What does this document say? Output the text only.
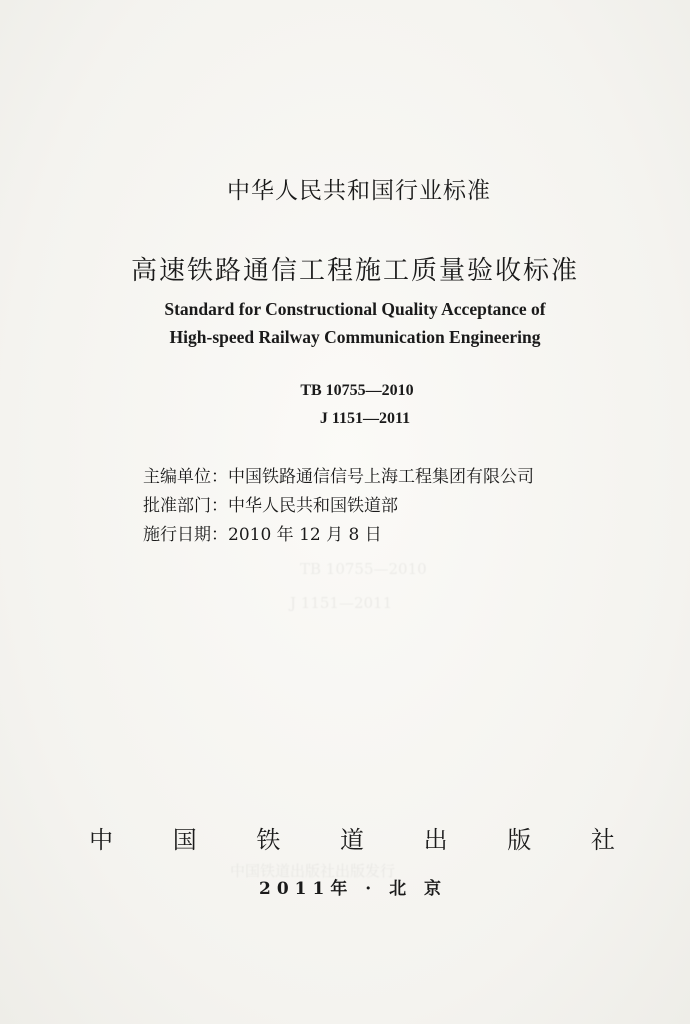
TB 10755—2010
J 1151—2011
中国铁道出版社出版发行
中华人民共和国行业标准
高速铁路通信工程施工质量验收标准
Standard for Constructional Quality Acceptance of
High-speed Railway Communication Engineering
TB 10755—2010
J 1151—2011
主编单位：中国铁路通信信号上海工程集团有限公司
批准部门：中华人民共和国铁道部
施行日期：2010 年 12 月 8 日
中 国 铁 道 出 版 社
2011年 · 北 京
